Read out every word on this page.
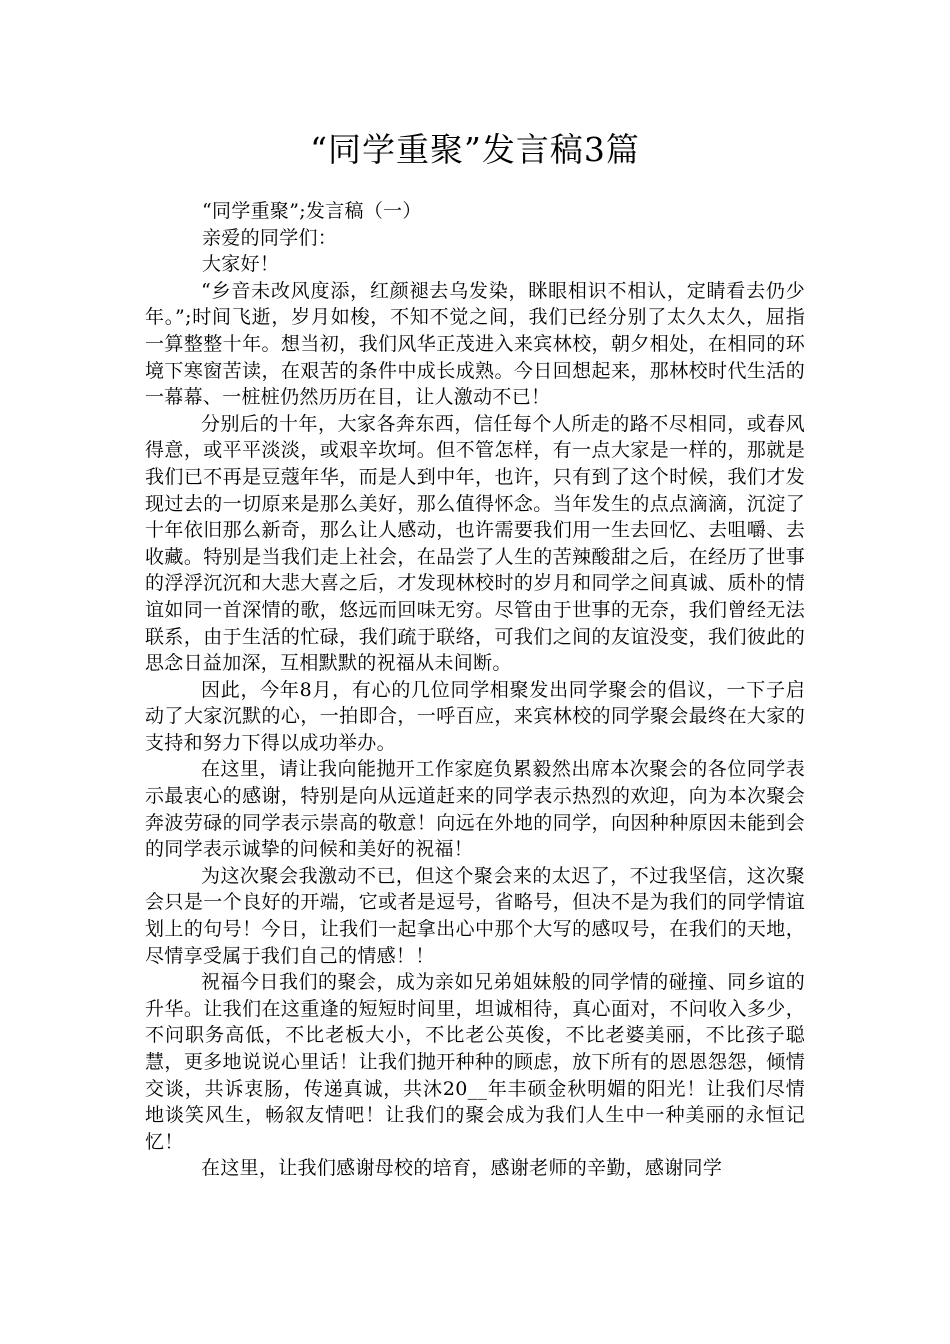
“同学重聚”发言稿3篇

“同学重聚”;发言稿（一）

亲爱的同学们：

大家好！

“乡音未改风度添，红颜褪去乌发染，眯眼相识不相认，定睛看去仍少年。”;时间飞逝，岁月如梭，不知不觉之间，我们已经分别了太久太久，屈指一算整整十年。想当初，我们风华正茂进入来宾林校，朝夕相处，在相同的环境下寒窗苦读，在艰苦的条件中成长成熟。今日回想起来，那林校时代生活的一幕幕、一桩桩仍然历历在目，让人激动不已！

分别后的十年，大家各奔东西，信任每个人所走的路不尽相同，或春风得意，或平平淡淡，或艰辛坎坷。但不管怎样，有一点大家是一样的，那就是我们已不再是豆蔻年华，而是人到中年，也许，只有到了这个时候，我们才发现过去的一切原来是那么美好，那么值得怀念。当年发生的点点滴滴，沉淀了十年依旧那么新奇，那么让人感动，也许需要我们用一生去回忆、去咀嚼、去收藏。特别是当我们走上社会，在品尝了人生的苦辣酸甜之后，在经历了世事的浮浮沉沉和大悲大喜之后，才发现林校时的岁月和同学之间真诚、质朴的情谊如同一首深情的歌，悠远而回味无穷。尽管由于世事的无奈，我们曾经无法联系，由于生活的忙碌，我们疏于联络，可我们之间的友谊没变，我们彼此的思念日益加深，互相默默的祝福从未间断。

因此，今年8月，有心的几位同学相聚发出同学聚会的倡议，一下子启动了大家沉默的心，一拍即合，一呼百应，来宾林校的同学聚会最终在大家的支持和努力下得以成功举办。

在这里，请让我向能抛开工作家庭负累毅然出席本次聚会的各位同学表示最衷心的感谢，特别是向从远道赶来的同学表示热烈的欢迎，向为本次聚会奔波劳碌的同学表示崇高的敬意！向远在外地的同学，向因种种原因未能到会的同学表示诚挚的问候和美好的祝福！

为这次聚会我激动不已，但这个聚会来的太迟了，不过我坚信，这次聚会只是一个良好的开端，它或者是逗号，省略号，但决不是为我们的同学情谊划上的句号！今日，让我们一起拿出心中那个大写的感叹号，在我们的天地，尽情享受属于我们自己的情感！！

祝福今日我们的聚会，成为亲如兄弟姐妹般的同学情的碰撞、同乡谊的升华。让我们在这重逢的短短时间里，坦诚相待，真心面对，不问收入多少，不问职务高低，不比老板大小，不比老公英俊，不比老婆美丽，不比孩子聪慧，更多地说说心里话！让我们抛开种种的顾虑，放下所有的恩恩怨怨，倾情交谈，共诉衷肠，传递真诚，共沐20__年丰硕金秋明媚的阳光！让我们尽情地谈笑风生，畅叙友情吧！让我们的聚会成为我们人生中一种美丽的永恒记忆！

在这里，让我们感谢母校的培育，感谢老师的辛勤，感谢同学
